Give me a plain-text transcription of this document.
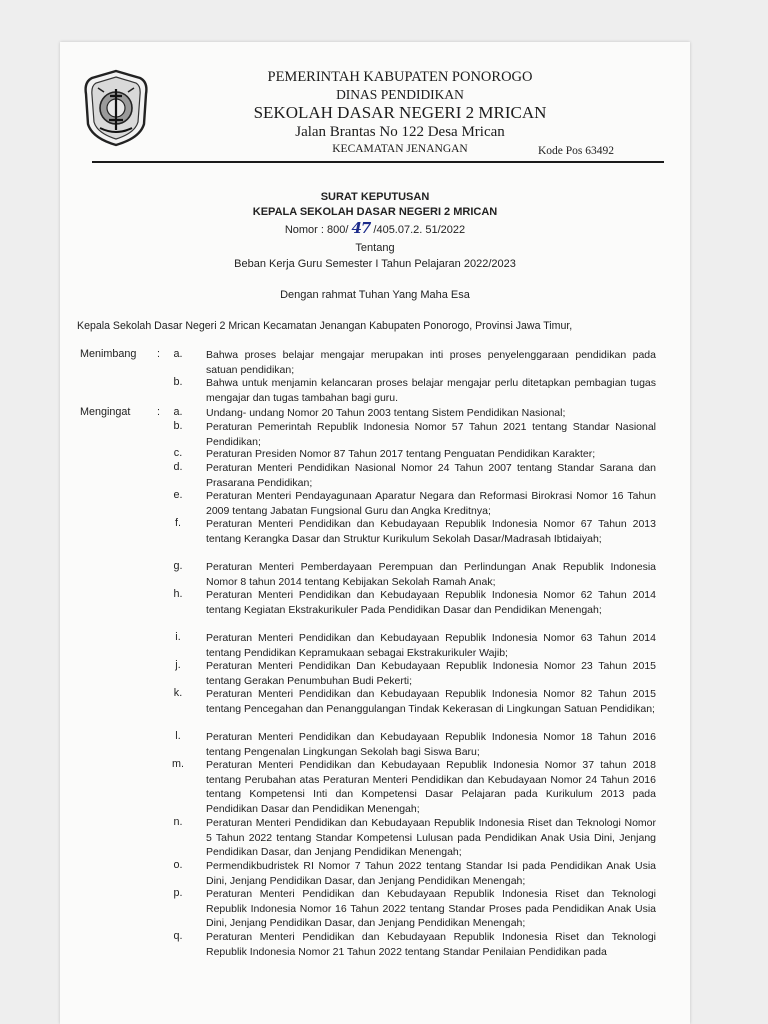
PEMERINTAH KABUPATEN PONOROGO
DINAS PENDIDIKAN
SEKOLAH DASAR NEGERI 2 MRICAN
Jalan Brantas No 122 Desa Mrican
KECAMATAN JENANGAN	Kode Pos 63492
SURAT KEPUTUSAN
KEPALA SEKOLAH DASAR NEGERI 2 MRICAN
Nomor : 800/ 47 /405.07.2. 51/2022
Tentang
Beban Kerja Guru Semester I Tahun Pelajaran 2022/2023
Dengan rahmat Tuhan Yang Maha Esa
Kepala Sekolah Dasar Negeri 2 Mrican Kecamatan Jenangan Kabupaten Ponorogo, Provinsi Jawa Timur,
Menimbang :	a.	Bahwa proses belajar mengajar merupakan inti proses penyelenggaraan pendidikan pada satuan pendidikan;
b.	Bahwa untuk menjamin kelancaran proses belajar mengajar perlu ditetapkan pembagian tugas mengajar dan tugas tambahan bagi guru.
Mengingat :	a.	Undang- undang Nomor 20 Tahun 2003 tentang Sistem Pendidikan Nasional;
b.	Peraturan Pemerintah Republik Indonesia Nomor 57 Tahun 2021 tentang Standar Nasional Pendidikan;
c.	Peraturan Presiden Nomor 87 Tahun 2017 tentang Penguatan Pendidikan Karakter;
d.	Peraturan Menteri Pendidikan Nasional Nomor 24 Tahun 2007 tentang Standar Sarana dan Prasarana Pendidikan;
e.	Peraturan Menteri Pendayagunaan Aparatur Negara dan Reformasi Birokrasi Nomor 16 Tahun 2009 tentang Jabatan Fungsional Guru dan Angka Kreditnya;
f.	Peraturan Menteri Pendidikan dan Kebudayaan Republik Indonesia Nomor 67 Tahun 2013 tentang Kerangka Dasar dan Struktur Kurikulum Sekolah Dasar/Madrasah Ibtidaiyah;
g.	Peraturan Menteri Pemberdayaan Perempuan dan Perlindungan Anak Republik Indonesia Nomor 8 tahun 2014 tentang Kebijakan Sekolah Ramah Anak;
h.	Peraturan Menteri Pendidikan dan Kebudayaan Republik Indonesia Nomor 62 Tahun 2014 tentang Kegiatan Ekstrakurikuler Pada Pendidikan Dasar dan Pendidikan Menengah;
i.	Peraturan Menteri Pendidikan dan Kebudayaan Republik Indonesia Nomor 63 Tahun 2014 tentang Pendidikan Kepramukaan sebagai Ekstrakurikuler Wajib;
j.	Peraturan Menteri Pendidikan Dan Kebudayaan Republik Indonesia Nomor 23 Tahun 2015 tentang Gerakan Penumbuhan Budi Pekerti;
k.	Peraturan Menteri Pendidikan dan Kebudayaan Republik Indonesia Nomor 82 Tahun 2015 tentang Pencegahan dan Penanggulangan Tindak Kekerasan di Lingkungan Satuan Pendidikan;
l.	Peraturan Menteri Pendidikan dan Kebudayaan Republik Indonesia Nomor 18 Tahun 2016 tentang Pengenalan Lingkungan Sekolah bagi Siswa Baru;
m.	Peraturan Menteri Pendidikan dan Kebudayaan Republik Indonesia Nomor 37 tahun 2018 tentang Perubahan atas Peraturan Menteri Pendidikan dan Kebudayaan Nomor 24 Tahun 2016 tentang Kompetensi Inti dan Kompetensi Dasar Pelajaran pada Kurikulum 2013 pada Pendidikan Dasar dan Pendidikan Menengah;
n.	Peraturan Menteri Pendidikan dan Kebudayaan Republik Indonesia Riset dan Teknologi Nomor 5 Tahun 2022 tentang Standar Kompetensi Lulusan pada Pendidikan Anak Usia Dini, Jenjang Pendidikan Dasar, dan Jenjang Pendidikan Menengah;
o.	Permendikbudristek RI Nomor 7 Tahun 2022 tentang Standar Isi pada Pendidikan Anak Usia Dini, Jenjang Pendidikan Dasar, dan Jenjang Pendidikan Menengah;
p.	Peraturan Menteri Pendidikan dan Kebudayaan Republik Indonesia Riset dan Teknologi Republik Indonesia Nomor 16 Tahun 2022 tentang Standar Proses pada Pendidikan Anak Usia Dini, Jenjang Pendidikan Dasar, dan Jenjang Pendidikan Menengah;
q.	Peraturan Menteri Pendidikan dan Kebudayaan Republik Indonesia Riset dan Teknologi Republik Indonesia Nomor 21 Tahun 2022 tentang Standar Penilaian Pendidikan pada
